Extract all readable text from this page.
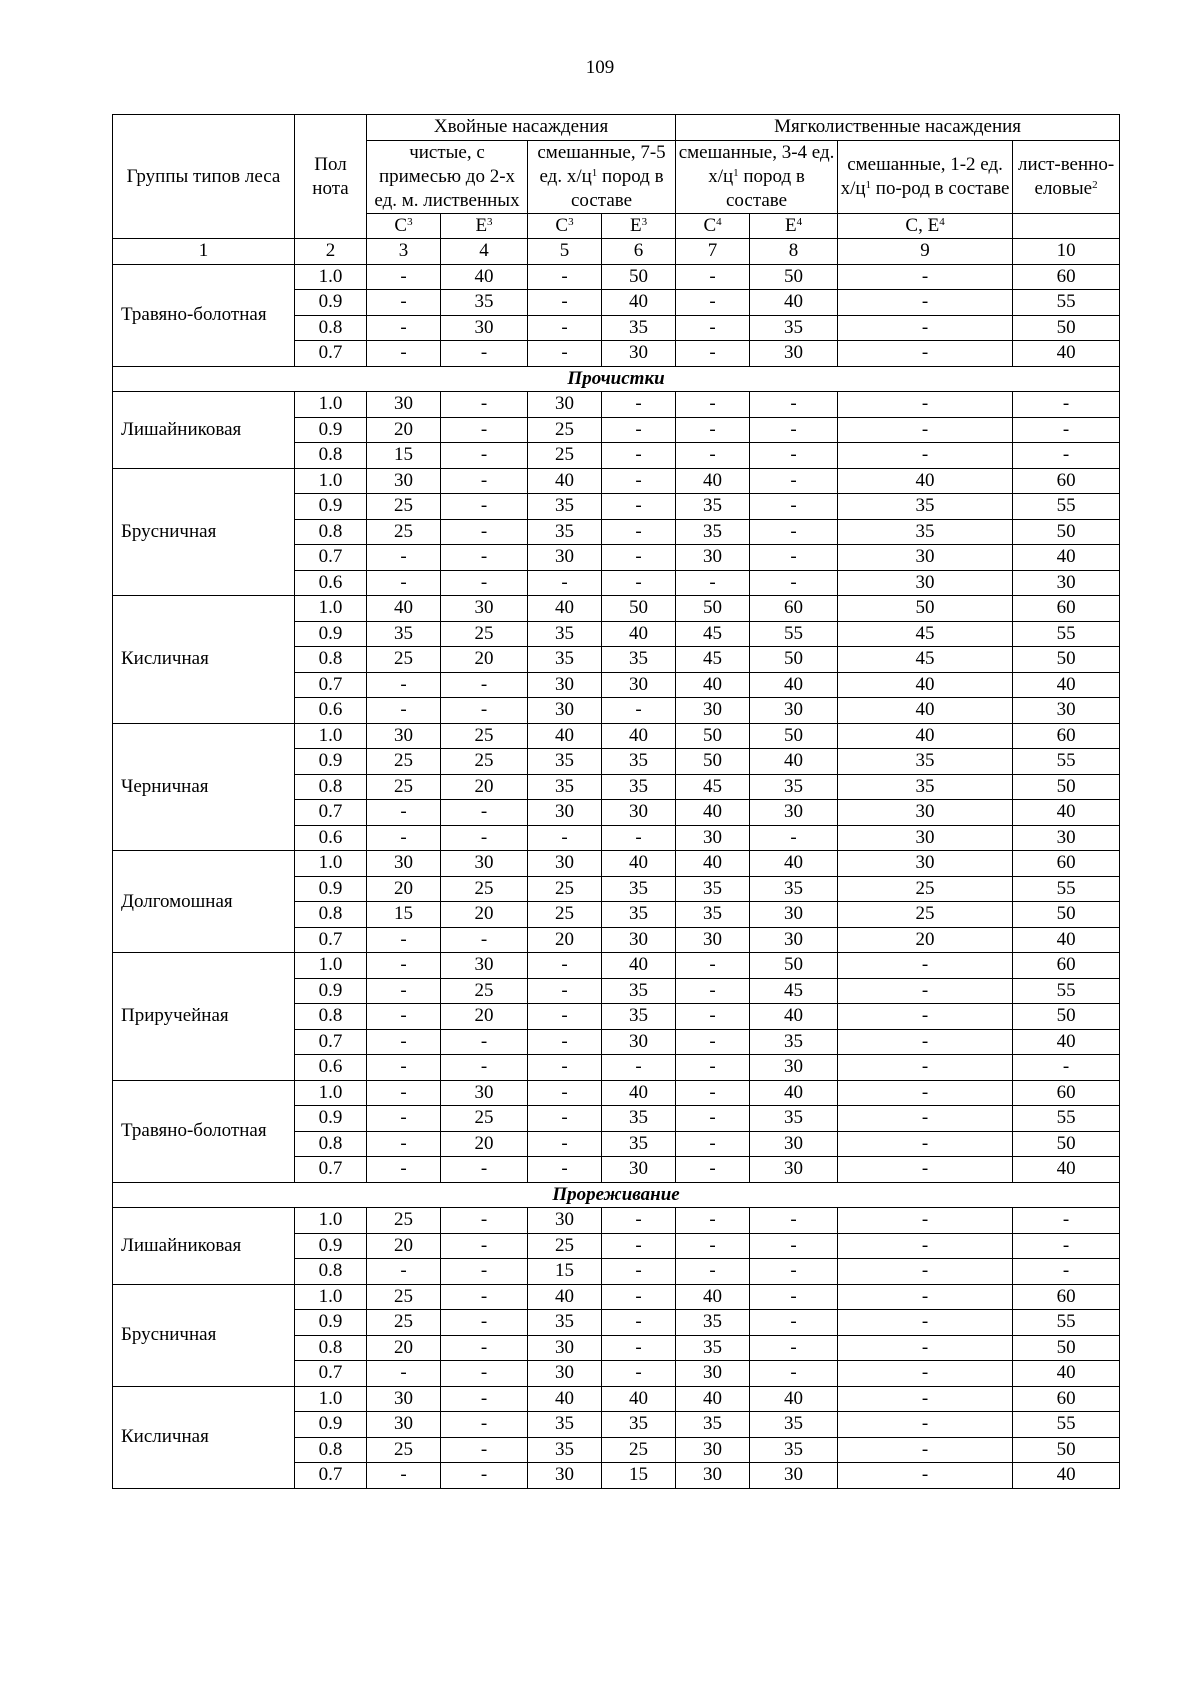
109
Группы типов леса	Пол нота	Хвойные насаждения				Мягколиственные насаждения			
		чистые, с примесью до 2-х ед. м. лиственных		смешанные, 7-5 ед. $х/ц^1$ пород в составе		смешанные, 3-4 ед. $х/ц^1$ пород в составе		смешанные, 1-2 ед. $х/ц^1$ по-род в составе	лист-венно-еловые$^2$

		$С^3$	$Е^3$	$С^3$	$Е^3$	$С^4$	$Е^4$	С, $Е^4$	
1	2	3	4	5	6	7	8	9	10
Травяно-болотная	1.0	-	40	-	50	-	50	-	60
	0.9	-	35	-	40	-	40	-	55
	0.8	-	30	-	35	-	35	-	50
	0.7	-	-	-	30	-	30	-	40
Прочистки									
Лишайниковая	1.0	30	-	30	-	-	-	-	-
	0.9	20	-	25	-	-	-	-	-
	0.8	15	-	25	-	-	-	-	-
Брусничная	1.0	30	-	40	-	40	-	40	60
	0.9	25	-	35	-	35	-	35	55
	0.8	25	-	35	-	35	-	35	50
	0.7	-	-	30	-	30	-	30	40
	0.6	-	-	-	-	-	-	30	30
Кисличная	1.0	40	30	40	50	50	60	50	60
	0.9	35	25	35	40	45	55	45	55
	0.8	25	20	35	35	45	50	45	50
	0.7	-	-	30	30	40	40	40	40
	0.6	-	-	30	-	30	30	40	30
Черничная	1.0	30	25	40	40	50	50	40	60
	0.9	25	25	35	35	50	40	35	55
	0.8	25	20	35	35	45	35	35	50
	0.7	-	-	30	30	40	30	30	40
	0.6	-	-	-	-	30	-	30	30
Долгомошная	1.0	30	30	30	40	40	40	30	60
	0.9	20	25	25	35	35	35	25	55
	0.8	15	20	25	35	35	30	25	50
	0.7	-	-	20	30	30	30	20	40
Приручейная	1.0	-	30	-	40	-	50	-	60
	0.9	-	25	-	35	-	45	-	55
	0.8	-	20	-	35	-	40	-	50
	0.7	-	-	-	30	-	35	-	40
	0.6	-	-	-	-	-	30	-	-
Травяно-болотная	1.0	-	30	-	40	-	40	-	60
	0.9	-	25	-	35	-	35	-	55
	0.8	-	20	-	35	-	30	-	50
	0.7	-	-	-	30	-	30	-	40
Прореживание									
Лишайниковая	1.0	25	-	30	-	-	-	-	-
	0.9	20	-	25	-	-	-	-	-
	0.8	-	-	15	-	-	-	-	-
Брусничная	1.0	25	-	40	-	40	-	-	60
	0.9	25	-	35	-	35	-	-	55
	0.8	20	-	30	-	35	-	-	50
	0.7	-	-	30	-	30	-	-	40
Кисличная	1.0	30	-	40	40	40	40	-	60
	0.9	30	-	35	35	35	35	-	55
	0.8	25	-	35	25	30	35	-	50
	0.7	-	-	30	15	30	30	-	40
